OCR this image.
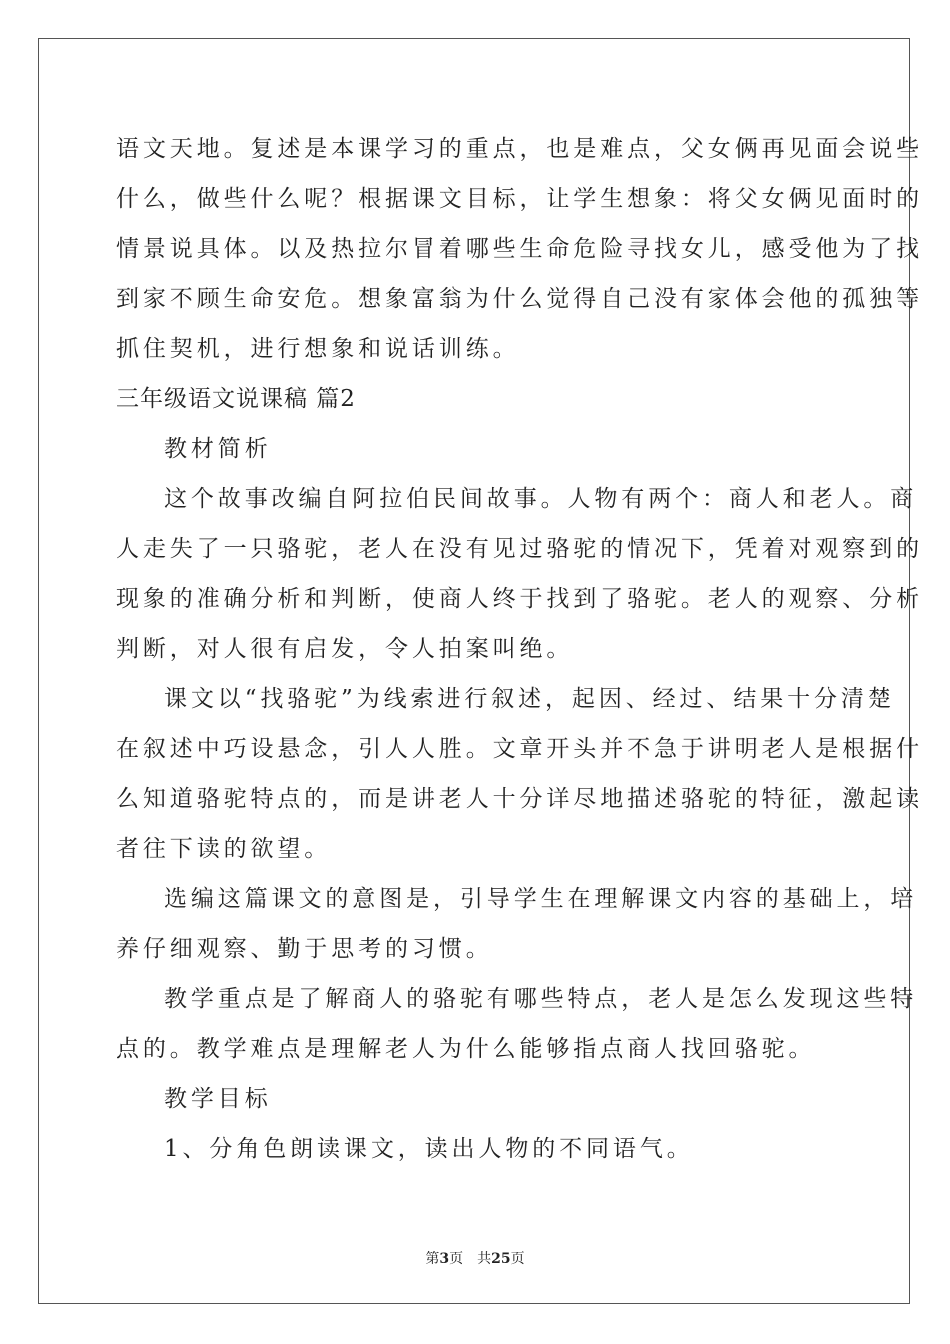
语文天地。复述是本课学习的重点，也是难点，父女俩再见面会说些
什么，做些什么呢？根据课文目标，让学生想象：将父女俩见面时的
情景说具体。以及热拉尔冒着哪些生命危险寻找女儿，感受他为了找
到家不顾生命安危。想象富翁为什么觉得自己没有家体会他的孤独等
抓住契机，进行想象和说话训练。
三年级语文说课稿 篇2
教材简析
这个故事改编自阿拉伯民间故事。人物有两个：商人和老人。商
人走失了一只骆驼，老人在没有见过骆驼的情况下，凭着对观察到的
现象的准确分析和判断，使商人终于找到了骆驼。老人的观察、分析
判断，对人很有启发，令人拍案叫绝。
课文以“找骆驼”为线索进行叙述，起因、经过、结果十分清楚
在叙述中巧设悬念，引人人胜。文章开头并不急于讲明老人是根据什
么知道骆驼特点的，而是讲老人十分详尽地描述骆驼的特征，激起读
者往下读的欲望。
选编这篇课文的意图是，引导学生在理解课文内容的基础上，培
养仔细观察、勤于思考的习惯。
教学重点是了解商人的骆驼有哪些特点，老人是怎么发现这些特
点的。教学难点是理解老人为什么能够指点商人找回骆驼。
教学目标
1、分角色朗读课文，读出人物的不同语气。
第3页 共25页
